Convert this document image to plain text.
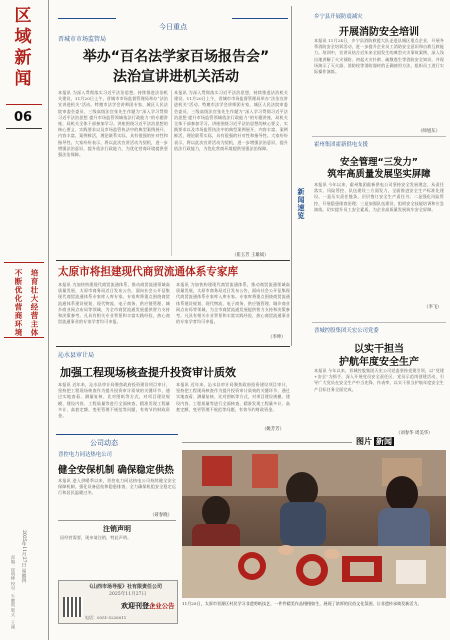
区域新闻
06
培育壮大经营主体
不断优化营商环境
2025年11月27日 星期四
责编：崔明峰 校对：牛鹏霞 版式：王刚
今日重点
晋城市市场监管局
举办“百名法学家百场报告会”
法治宣讲进机关活动
本报讯 为深入贯彻落实习近平法治思想，持续推进法治机关建设，11月20日上午，晋城市市场监督管理局举办“法治宣讲进机关”活动。特邀市法学会讲师团专家，城区人民法院审委会委员、三级高级法官张先生作题为“深入学习贯彻习近平法治思想 提升市场监管领域依法行政能力”的专题讲座，局机关全体干部参加学习。讲座围绕习近平法治思想的核心要义、实践要求以及市场监管执法中的典型案例展开，内容丰富，案例鲜活，理论联系实际，具有很强的针对性和指导性。大家纷纷表示，将以此次宣讲活动为契机，进一步增强法治意识，提升依法行政能力，为优化营商环境提供坚强法治保障。
本报讯 为深入贯彻落实习近平法治思想，持续推进法治机关建设，11月20日上午，晋城市市场监督管理局举办“法治宣讲进机关”活动。特邀市法学会讲师团专家，城区人民法院审委会委员、三级高级法官张先生作题为“深入学习贯彻习近平法治思想 提升市场监管领域依法行政能力”的专题讲座，局机关全体干部参加学习。讲座围绕习近平法治思想的核心要义、实践要求以及市场监管执法中的典型案例展开，内容丰富，案例鲜活，理论联系实际，具有很强的针对性和指导性。大家纷纷表示，将以此次宣讲活动为契机，进一步增强法治意识，提升依法行政能力，为优化营商环境提供坚强法治保障。
（崔玉芳 王雄斌）
太原市将担建现代商贸流通体系专家库
本报讯 为加快构建现代商贸流通体系，推动商贸流通领域高质量发展，太原市商务局近日发布公告，面向社会公开征集现代商贸流通体系专家库入库专家。专家库将重点围绕商贸流通体系建设规划、现代物流、电子商务、供应链管理、城乡商业网点布局等领域，为全市商贸流通发展提供智力支持和决策参考。凡具有相关专业背景和丰富实践经验，热心商贸流通事业的专家学者均可申报。
本报讯 为加快构建现代商贸流通体系，推动商贸流通领域高质量发展，太原市商务局近日发布公告，面向社会公开征集现代商贸流通体系专家库入库专家。专家库将重点围绕商贸流通体系建设规划、现代物流、电子商务、供应链管理、城乡商业网点布局等领域，为全市商贸流通发展提供智力支持和决策参考。凡具有相关专业背景和丰富实践经验，热心商贸流通事业的专家学者均可申报。
（李坤）
沁水县审计局
加强工程现场核查提升投资审计质效
本报讯 近年来，沁水县审计局聚焦政府投资建设项目审计，坚持把工程现场核查作为提升投资审计质效的关键环节，通过实地查看、测量复核、比对图纸等方式，对项目建设规模、建设内容、工程质量等进行全面核查，精准发现工程量多计、高套定额、变更管理不规范等问题，有效节约财政资金。
本报讯 近年来，沁水县审计局聚焦政府投资建设项目审计，坚持把工程现场核查作为提升投资审计质效的关键环节，通过实地查看、测量复核、比对图纸等方式，对项目建设规模、建设内容、工程质量等进行全面核查，精准发现工程量多计、高套定额、变更管理不规范等问题，有效节约财政资金。
（姚芳芳）
公司动态
晋控电力同达热电公司
健全安保机制 确保稳定供热
本报讯 进入供暖季以来，晋控电力同达热电公司持续健全安全保障机制，强化设备巡检和隐患排查，全力确保机组安全稳定运行和居民温暖过冬。
（聂春晓）
注销声明
因经营需要，现申请注销，特此声明。
《山西市场导报》社有限责任公司
2025年11月27日
电话：0351-5226011
欢迎刊登 ·
企业公告
新闻速览
乡宁县开展防震减灾
开展消防安全培训
本报讯 11月24日，乡宁县消防救援大队走进县城区重点企业，开展冬季消防安全培训活动，进一步提升企业员工消防安全意识和自救互救能力。培训中，宣讲员结合近年来全国发生的典型火灾事故案例，深入浅出地讲解了火灾预防、初起火灾扑救、疏散逃生等消防安全知识，并现场演示了灭火器、消防栓等消防器材的正确使用方法，组织员工进行实际操作演练。
（师旭东）
霍州集团霍新供电支援
安全管理“三发力”
筑牢高质量发展坚实屏障
本报讯 今年以来，霍州集团霍新供电公司坚持安全发展理念，从责任落实、风险管控、队伍建设三方面发力，全面推进安全生产标准化建设。一是压实责任链条，层层签订安全生产责任书；二是强化风险管控，开展隐患排查治理；三是加强队伍建设，组织安全技能培训和应急演练，切实提升员工安全素质，为企业高质量发展筑牢安全屏障。
（李飞）
晋城控股集团天宏公司党委
以实干担当
护航年度安全生产
本报讯 今年以来，晋城控股集团天宏公司党委坚持党建引领，以“党建+安全”为抓手，深入开展党员安全责任区、党员示范岗创建活动，引导广大党员在安全生产中当先锋、作表率，以实干担当护航年度安全生产目标任务全面完成。
（刘春华 周美华）
图片 新闻
11月25日，太原市晋源区村民学习非遗剪纸技艺，一件件精美作品栩栩如生，展现了浓厚的民俗文化氛围，让非遗传承焕发新活力。
